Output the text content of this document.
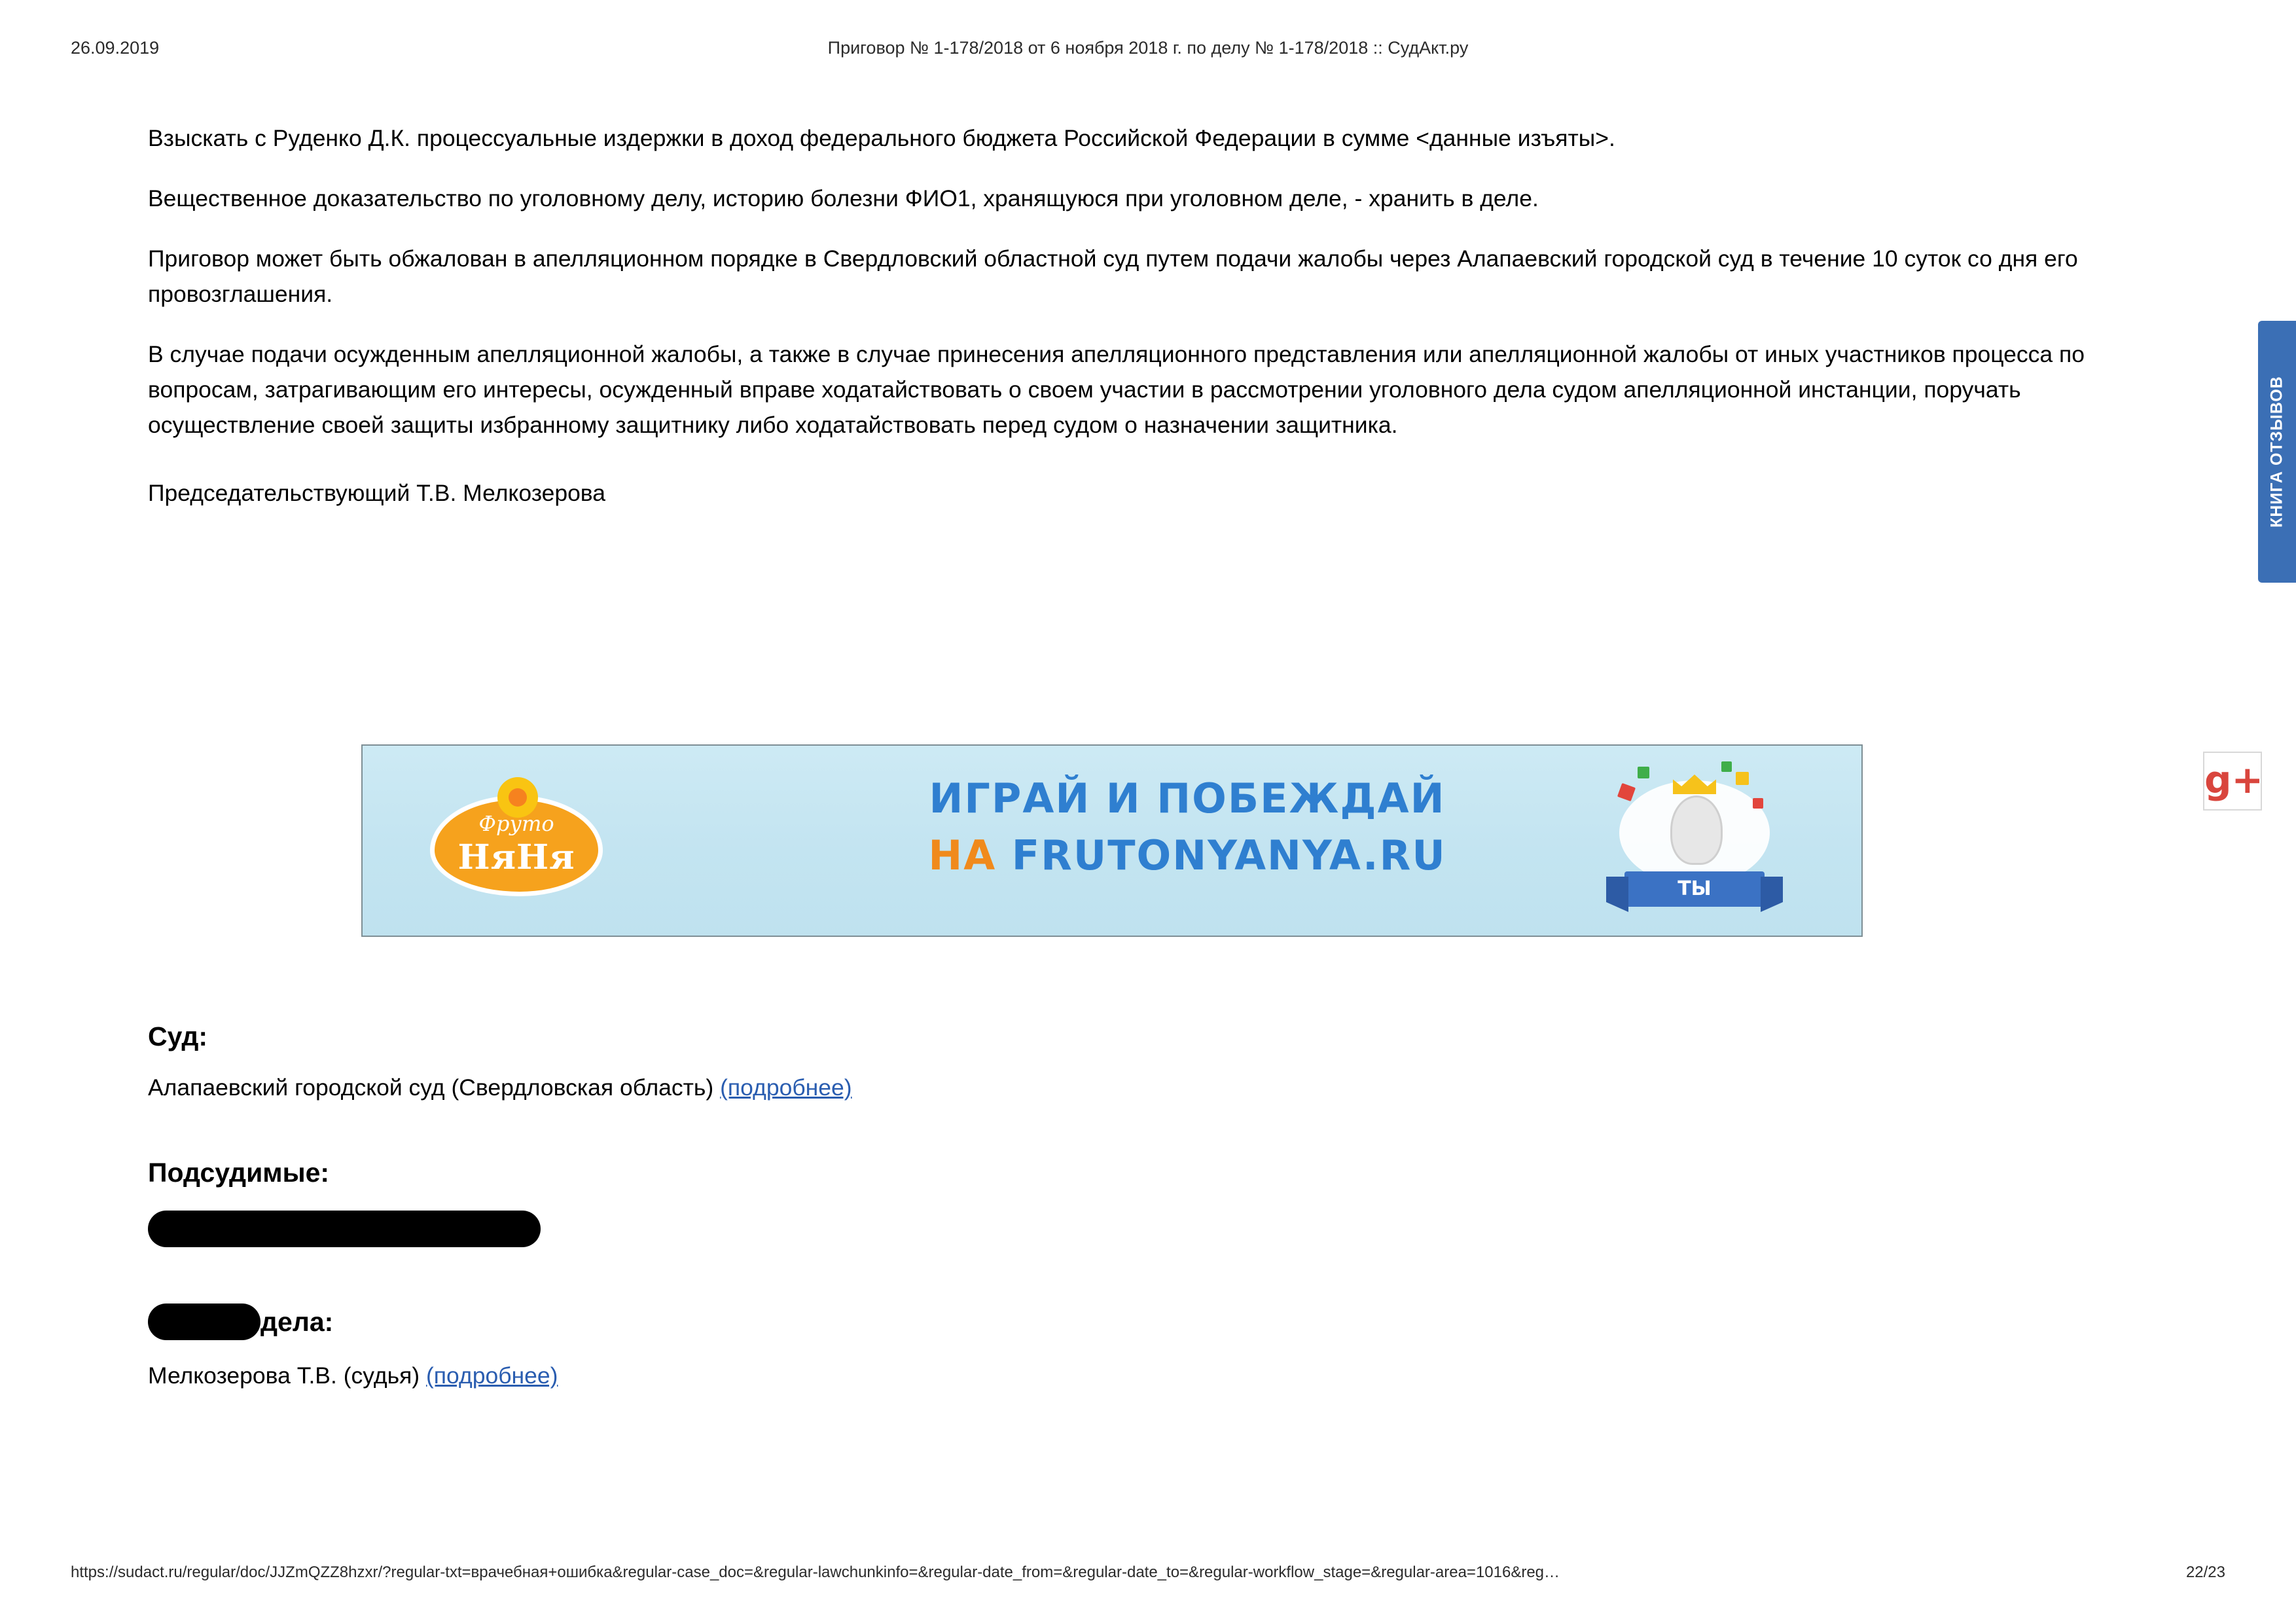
26.09.2019	Приговор № 1-178/2018 от 6 ноября 2018 г. по делу № 1-178/2018 :: СудАкт.ру

Взыскать с Руденко Д.К. процессуальные издержки в доход федерального бюджета Российской Федерации в сумме <данные изъяты>.

Вещественное доказательство по уголовному делу, историю болезни ФИО1, хранящуюся при уголовном деле, - хранить в деле.

Приговор может быть обжалован в апелляционном порядке в Свердловский областной суд путем подачи жалобы через Алапаевский городской суд в течение 10 суток со дня его провозглашения.

В случае подачи осужденным апелляционной жалобы, а также в случае принесения апелляционного представления или апелляционной жалобы от иных участников процесса по вопросам, затрагивающим его интересы, осужденный вправе ходатайствовать о своем участии в рассмотрении уголовного дела судом апелляционной инстанции, поручать осуществление своей защиты избранному защитнику либо ходатайствовать перед судом о назначении защитника.

Председательствующий Т.В. Мелкозерова

Фруто
НяНя
ИГРАЙ И ПОБЕЖДАЙ
НА FRUTONYANYA.RU
ТЫ
Суд:
Алапаевский городской суд (Свердловская область) (подробнее)
Подсудимые:
дела:
Мелкозерова Т.В. (судья) (подробнее)
КНИГА ОТЗЫВОВ
g+
https://sudact.ru/regular/doc/JJZmQZZ8hzxr/?regular-txt=врачебная+ошибка&regular-case_doc=&regular-lawchunkinfo=&regular-date_from=&regular-date_to=&regular-workflow_stage=&regular-area=1016&reg…	22/23
